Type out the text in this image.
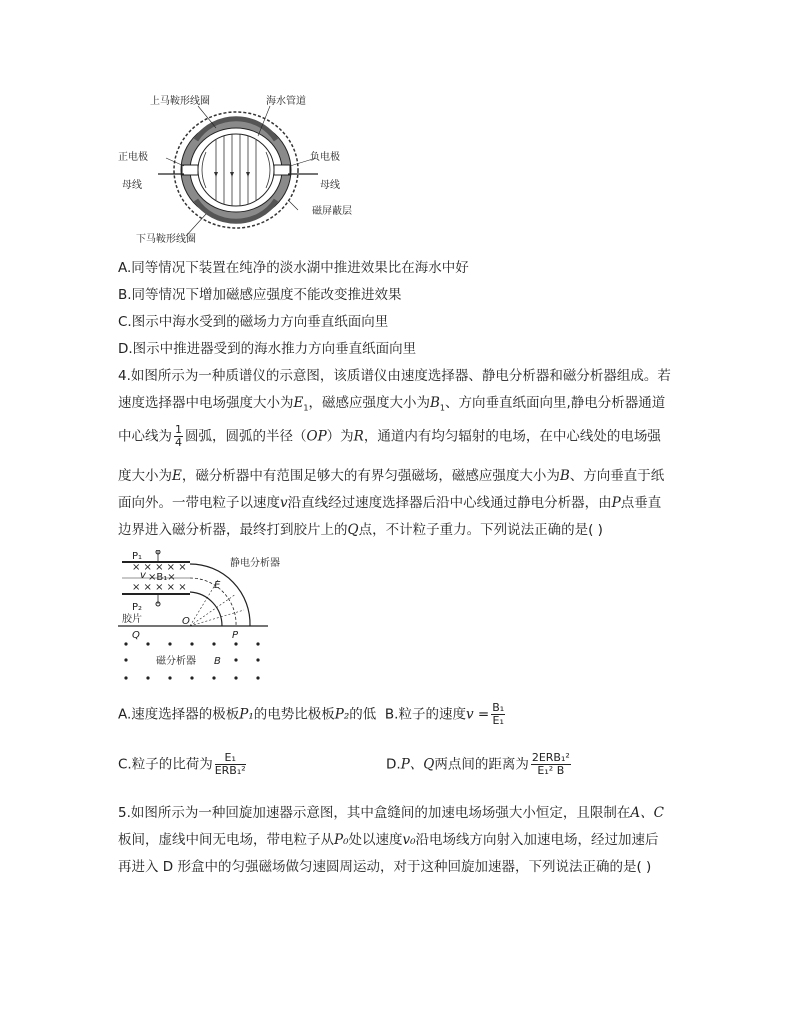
上马鞍形线圈	海水管道
正电极	负电极
母线	母线
磁屏蔽层
下马鞍形线圈
A.同等情况下装置在纯净的淡水湖中推进效果比在海水中好
B.同等情况下增加磁感应强度不能改变推进效果
C.图示中海水受到的磁场力方向垂直纸面向里
D.图示中推进器受到的海水推力方向垂直纸面向里
4.如图所示为一种质谱仪的示意图，该质谱仪由速度选择器、静电分析器和磁分析器组成。若
速度选择器中电场强度大小为$E_1$，磁感应强度大小为$B_1$、方向垂直纸面向里,静电分析器通道
中心线为 $\frac{1}{4}$ 圆弧，圆弧的半径（OP）为R，通道内有均匀辐射的电场，在中心线处的电场强
度大小为E，磁分析器中有范围足够大的有界匀强磁场，磁感应强度大小为B、方向垂直于纸
面向外。一带电粒子以速度v沿直线经过速度选择器后沿中心线通过静电分析器，由P点垂直
边界进入磁分析器，最终打到胶片上的Q点，不计粒子重力。下列说法正确的是( )
× × × × ×
× × × × ×
×B₁×
v
P₁
P₂
E
静电分析器
胶片	O
P
Q
磁分析器 B
A.速度选择器的极板P₁的电势比极板P₂的低 B.粒子的速度$v = \frac{\text{B₁}}{\text{E₁}}$
C.粒子的比荷为 $\frac{\text{E₁}}{\text{ERB₁²}}$	D.P、Q两点间的距离为 $\frac{\text{2ERB₁²}}{\text{E₁² B}}$
5.如图所示为一种回旋加速器示意图，其中盒缝间的加速电场场强大小恒定，且限制在A、C
板间，虚线中间无电场，带电粒子从P₀处以速度v₀沿电场线方向射入加速电场，经过加速后
再进入 D 形盒中的匀强磁场做匀速圆周运动，对于这种回旋加速器，下列说法正确的是( )
